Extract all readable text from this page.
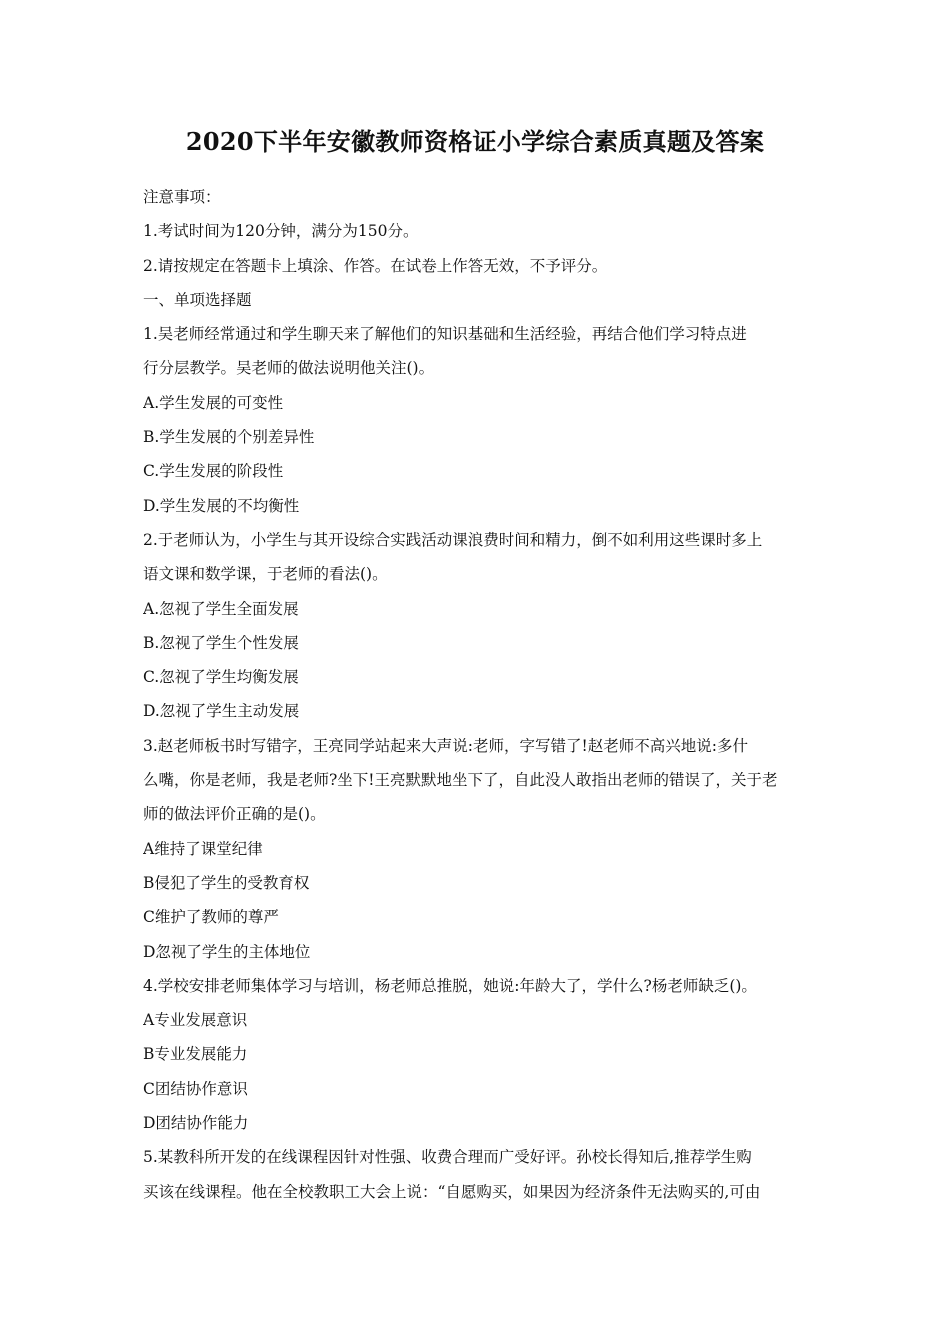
2020下半年安徽教师资格证小学综合素质真题及答案
注意事项：
1.考试时间为120分钟，满分为150分。
2.请按规定在答题卡上填涂、作答。在试卷上作答无效，不予评分。
一、单项选择题
1.吴老师经常通过和学生聊天来了解他们的知识基础和生活经验，再结合他们学习特点进
行分层教学。吴老师的做法说明他关注()。
A.学生发展的可变性
B.学生发展的个别差异性
C.学生发展的阶段性
D.学生发展的不均衡性
2.于老师认为，小学生与其开设综合实践活动课浪费时间和精力，倒不如利用这些课时多上
语文课和数学课，于老师的看法()。
A.忽视了学生全面发展
B.忽视了学生个性发展
C.忽视了学生均衡发展
D.忽视了学生主动发展
3.赵老师板书时写错字，王亮同学站起来大声说:老师，字写错了!赵老师不高兴地说:多什
么嘴，你是老师，我是老师?坐下!王亮默默地坐下了，自此没人敢指出老师的错误了，关于老
师的做法评价正确的是()。
A维持了课堂纪律
B侵犯了学生的受教育权
C维护了教师的尊严
D忽视了学生的主体地位
4.学校安排老师集体学习与培训，杨老师总推脱，她说:年龄大了，学什么?杨老师缺乏()。
A专业发展意识
B专业发展能力
C团结协作意识
D团结协作能力
5.某教科所开发的在线课程因针对性强、收费合理而广受好评。孙校长得知后,推荐学生购
买该在线课程。他在全校教职工大会上说：“自愿购买，如果因为经济条件无法购买的,可由
